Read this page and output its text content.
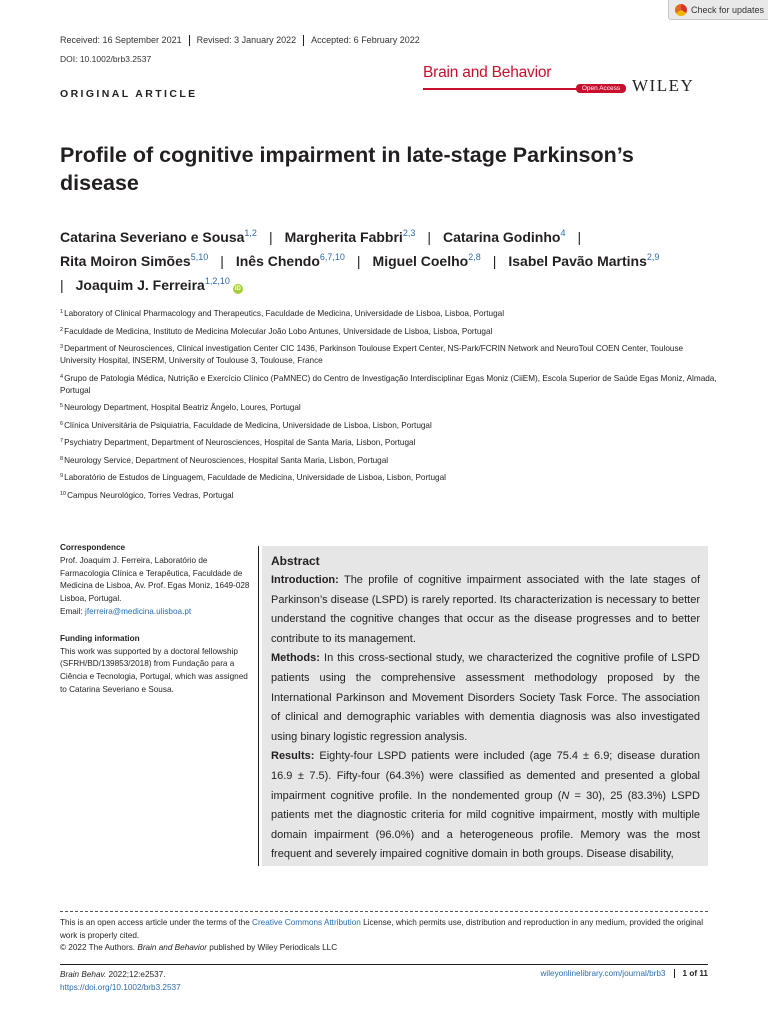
Check for updates
Received: 16 September 2021	Revised: 3 January 2022	Accepted: 6 February 2022
DOI: 10.1002/brb3.2537
Brain and Behavior
Open Access WILEY
ORIGINAL ARTICLE
Profile of cognitive impairment in late-stage Parkinson’s disease
Catarina Severiano e Sousa$^{1,2}$ | Margherita Fabbri$^{2,3}$ | Catarina Godinho$^4$ |
Rita Moiron Simões$^{5,10}$ | Inês Chendo$^{6,7,10}$ | Miguel Coelho$^{2,8}$ | Isabel Pavão Martins$^{2,9}$
| Joaquim J. Ferreira$^{1,2,10}$iD
$^1$Laboratory of Clinical Pharmacology and Therapeutics, Faculdade de Medicina, Universidade de Lisboa, Lisboa, Portugal
$^2$Faculdade de Medicina, Instituto de Medicina Molecular João Lobo Antunes, Universidade de Lisboa, Lisboa, Portugal
$^3$Department of Neurosciences, Clinical investigation Center CIC 1436, Parkinson Toulouse Expert Center, NS-Park/FCRIN Network and NeuroToul COEN Center, Toulouse University Hospital, INSERM, University of Toulouse 3, Toulouse, France
$^4$Grupo de Patologia Médica, Nutrição e Exercício Clínico (PaMNEC) do Centro de Investigação Interdisciplinar Egas Moniz (CiiEM), Escola Superior de Saúde Egas Moniz, Almada, Portugal
$^5$Neurology Department, Hospital Beatriz Ângelo, Loures, Portugal
$^6$Clínica Universitária de Psiquiatria, Faculdade de Medicina, Universidade de Lisboa, Lisbon, Portugal
$^7$Psychiatry Department, Department of Neurosciences, Hospital de Santa Maria, Lisbon, Portugal
$^8$Neurology Service, Department of Neurosciences, Hospital Santa Maria, Lisbon, Portugal
$^9$Laboratório de Estudos de Linguagem, Faculdade de Medicina, Universidade de Lisboa, Lisbon, Portugal
$^{10}$Campus Neurológico, Torres Vedras, Portugal
Correspondence
Prof. Joaquim J. Ferreira, Laboratório de Farmacologia Clínica e Terapêutica, Faculdade de Medicina de Lisboa, Av. Prof. Egas Moniz, 1649-028 Lisboa, Portugal.
Email: jferreira@medicina.ulisboa.pt
Funding information
This work was supported by a doctoral fellowship (SFRH/BD/139853/2018) from Fundação para a Ciência e Tecnologia, Portugal, which was assigned to Catarina Severiano e Sousa.
Abstract

Introduction: The profile of cognitive impairment associated with the late stages of Parkinson’s disease (LSPD) is rarely reported. Its characterization is necessary to better understand the cognitive changes that occur as the disease progresses and to better contribute to its management.

Methods: In this cross-sectional study, we characterized the cognitive profile of LSPD patients using the comprehensive assessment methodology proposed by the International Parkinson and Movement Disorders Society Task Force. The association of clinical and demographic variables with dementia diagnosis was also investigated using binary logistic regression analysis.

Results: Eighty-four LSPD patients were included (age 75.4 ± 6.9; disease duration 16.9 ± 7.5). Fifty-four (64.3%) were classified as demented and presented a global impairment cognitive profile. In the nondemented group (N = 30), 25 (83.3%) LSPD patients met the diagnostic criteria for mild cognitive impairment, mostly with multiple domain impairment (96.0%) and a heterogeneous profile. Memory was the most frequent and severely impaired cognitive domain in both groups. Disease disability,

This is an open access article under the terms of the Creative Commons Attribution License, which permits use, distribution and reproduction in any medium, provided the original work is properly cited.
© 2022 The Authors. Brain and Behavior published by Wiley Periodicals LLC
Brain Behav. 2022;12:e2537.
https://doi.org/10.1002/brb3.2537
wileyonlinelibrary.com/journal/brb3	1 of 11
